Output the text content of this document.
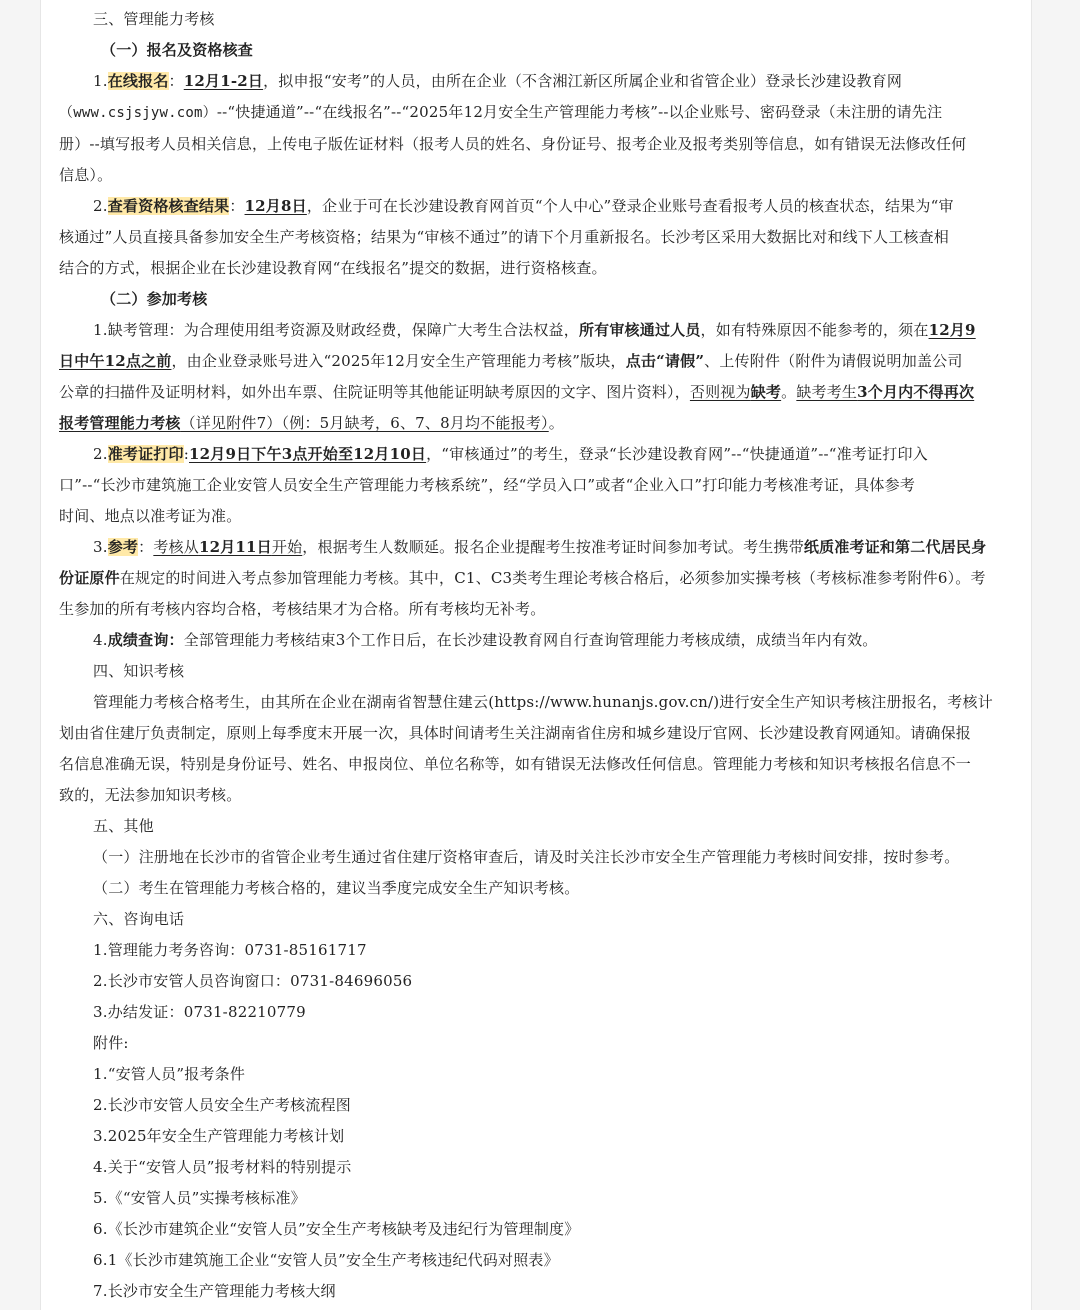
三、管理能力考核

（一）报名及资格核查

1.在线报名：12月1-2日，拟申报“安考”的人员，由所在企业（不含湘江新区所属企业和省管企业）登录长沙建设教育网

（www.csjsjyw.com）--“快捷通道”--“在线报名”--“2025年12月安全生产管理能力考核”--以企业账号、密码登录（未注册的请先注

册）--填写报考人员相关信息，上传电子版佐证材料（报考人员的姓名、身份证号、报考企业及报考类别等信息，如有错误无法修改任何

信息）。

2.查看资格核查结果：12月8日，企业于可在长沙建设教育网首页“个人中心”登录企业账号查看报考人员的核查状态，结果为“审

核通过”人员直接具备参加安全生产考核资格；结果为“审核不通过”的请下个月重新报名。长沙考区采用大数据比对和线下人工核查相

结合的方式，根据企业在长沙建设教育网“在线报名”提交的数据，进行资格核查。

（二）参加考核

1.缺考管理：为合理使用组考资源及财政经费，保障广大考生合法权益，所有审核通过人员，如有特殊原因不能参考的，须在12月9

日中午12点之前，由企业登录账号进入“2025年12月安全生产管理能力考核”版块，点击“请假”、上传附件（附件为请假说明加盖公司

公章的扫描件及证明材料，如外出车票、住院证明等其他能证明缺考原因的文字、图片资料），否则视为缺考。缺考考生3个月内不得再次

报考管理能力考核（详见附件7）（例：5月缺考，6、7、8月均不能报考）。

2.准考证打印:12月9日下午3点开始至12月10日，“审核通过”的考生，登录“长沙建设教育网”--“快捷通道”--“准考证打印入

口”--“长沙市建筑施工企业安管人员安全生产管理能力考核系统”，经“学员入口”或者“企业入口”打印能力考核准考证，具体参考

时间、地点以准考证为准。

3.参考：考核从12月11日开始，根据考生人数顺延。报名企业提醒考生按准考证时间参加考试。考生携带纸质准考证和第二代居民身

份证原件在规定的时间进入考点参加管理能力考核。其中，C1、C3类考生理论考核合格后，必须参加实操考核（考核标准参考附件6）。考

生参加的所有考核内容均合格，考核结果才为合格。所有考核均无补考。

4.成绩查询：全部管理能力考核结束3个工作日后，在长沙建设教育网自行查询管理能力考核成绩，成绩当年内有效。

四、知识考核

管理能力考核合格考生，由其所在企业在湖南省智慧住建云(https://www.hunanjs.gov.cn/)进行安全生产知识考核注册报名，考核计

划由省住建厅负责制定，原则上每季度末开展一次，具体时间请考生关注湖南省住房和城乡建设厅官网、长沙建设教育网通知。请确保报

名信息准确无误，特别是身份证号、姓名、申报岗位、单位名称等，如有错误无法修改任何信息。管理能力考核和知识考核报名信息不一

致的，无法参加知识考核。

五、其他

（一）注册地在长沙市的省管企业考生通过省住建厅资格审查后，请及时关注长沙市安全生产管理能力考核时间安排，按时参考。

（二）考生在管理能力考核合格的，建议当季度完成安全生产知识考核。

六、咨询电话

1.管理能力考务咨询：0731-85161717

2.长沙市安管人员咨询窗口：0731-84696056

3.办结发证：0731-82210779

附件:

1.“安管人员”报考条件

2.长沙市安管人员安全生产考核流程图

3.2025年安全生产管理能力考核计划

4.关于“安管人员”报考材料的特别提示

5.《“安管人员”实操考核标准》

6.《长沙市建筑企业“安管人员”安全生产考核缺考及违纪行为管理制度》

6.1《长沙市建筑施工企业“安管人员”安全生产考核违纪代码对照表》

7.长沙市安全生产管理能力考核大纲
